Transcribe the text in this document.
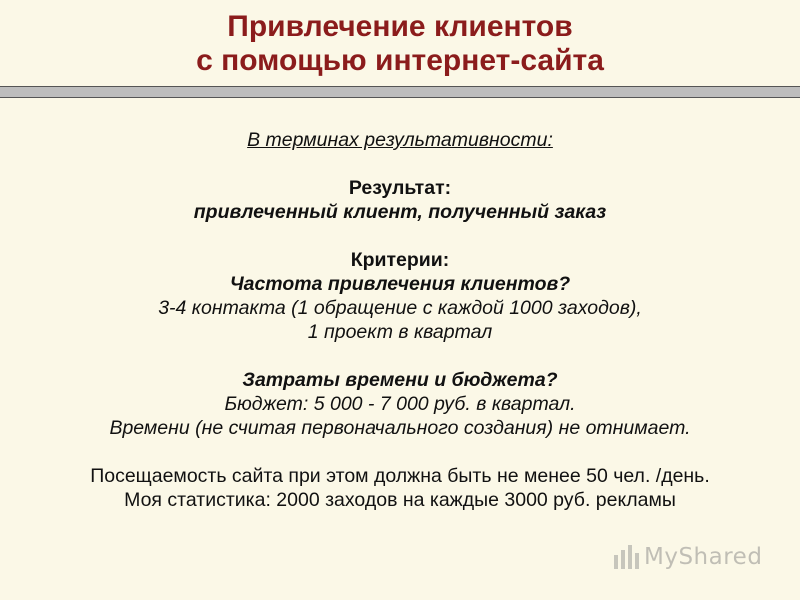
Привлечение клиентов
с помощью интернет-сайта
В терминах результативности:
Результат:
привлеченный клиент, полученный заказ
Критерии:
Частота привлечения клиентов?
3-4 контакта (1 обращение с каждой 1000 заходов),
1 проект в квартал
Затраты времени и бюджета?
Бюджет: 5 000 - 7 000 руб. в квартал.
Времени (не считая первоначального создания) не отнимает.
Посещаемость сайта при этом должна быть не менее 50 чел. /день.
Моя статистика: 2000 заходов на каждые 3000 руб. рекламы
MyShared
